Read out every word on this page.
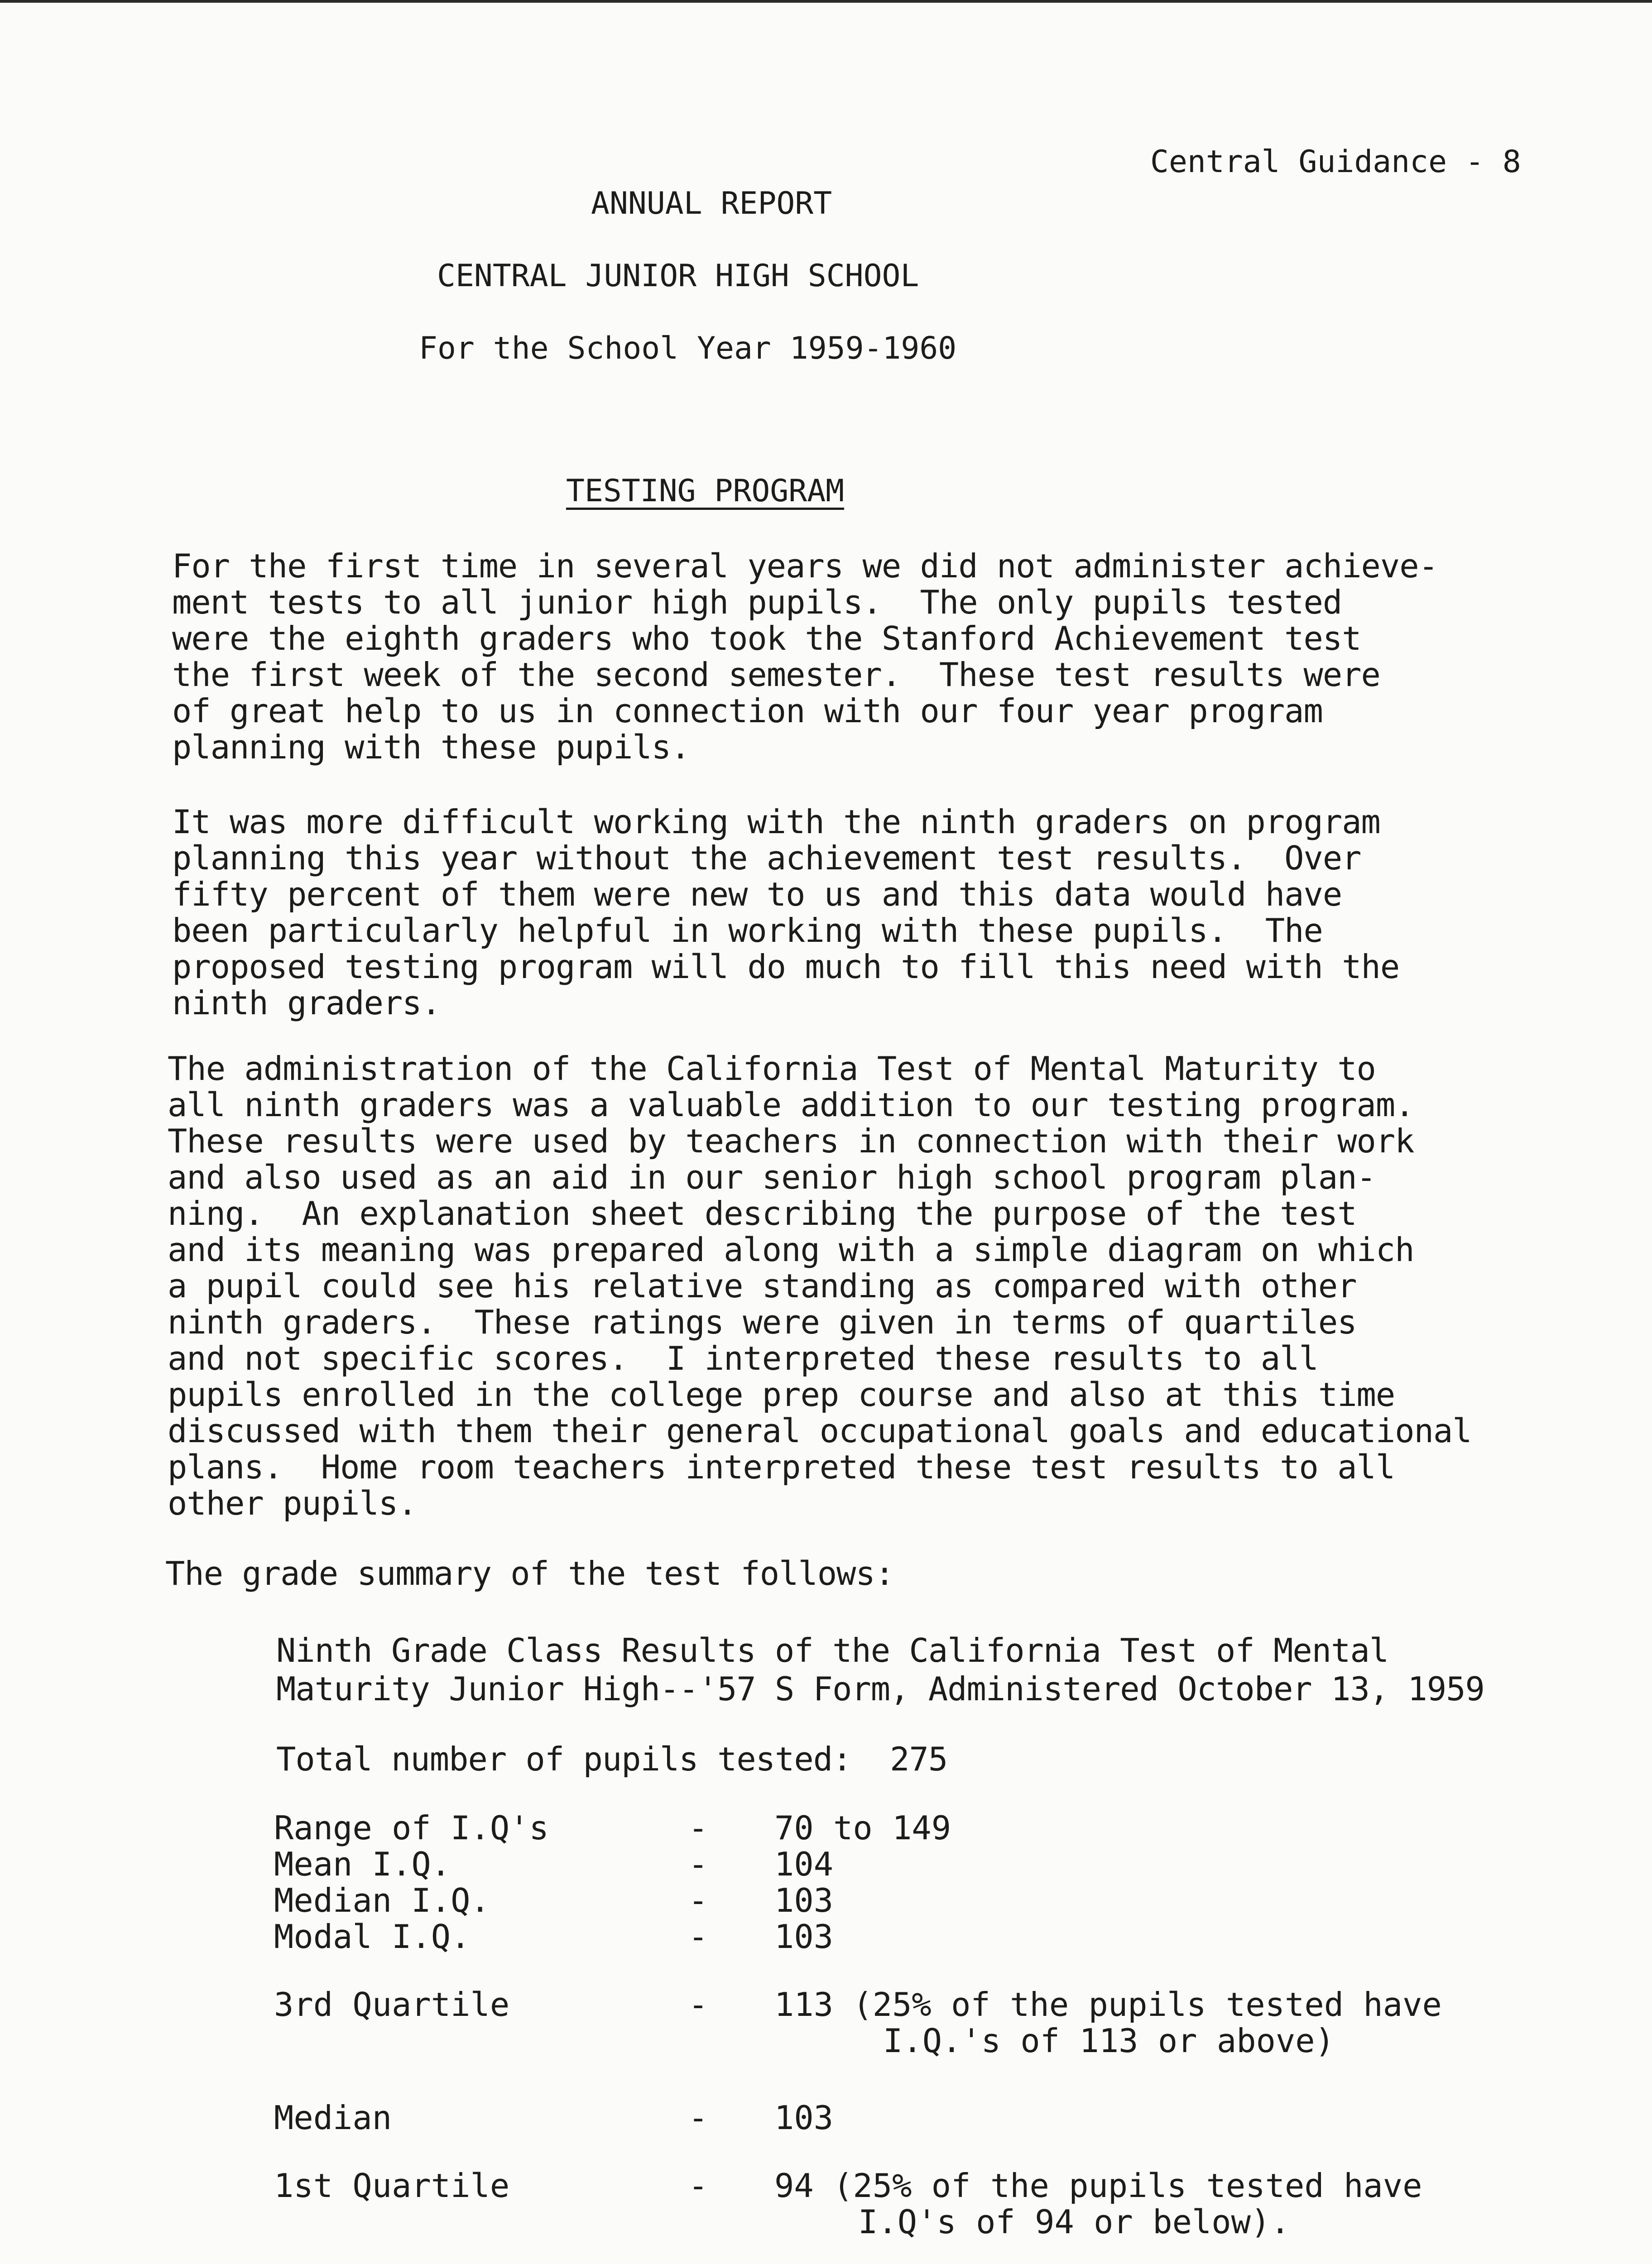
Central Guidance - 8
ANNUAL REPORT
CENTRAL JUNIOR HIGH SCHOOL
For the School Year 1959-1960
TESTING PROGRAM
For the first time in several years we did not administer achieve-
ment tests to all junior high pupils.  The only pupils tested
were the eighth graders who took the Stanford Achievement test
the first week of the second semester.  These test results were
of great help to us in connection with our four year program
planning with these pupils.
It was more difficult working with the ninth graders on program
planning this year without the achievement test results.  Over
fifty percent of them were new to us and this data would have
been particularly helpful in working with these pupils.  The
proposed testing program will do much to fill this need with the
ninth graders.
The administration of the California Test of Mental Maturity to
all ninth graders was a valuable addition to our testing program.
These results were used by teachers in connection with their work
and also used as an aid in our senior high school program plan-
ning.  An explanation sheet describing the purpose of the test
and its meaning was prepared along with a simple diagram on which
a pupil could see his relative standing as compared with other
ninth graders.  These ratings were given in terms of quartiles
and not specific scores.  I interpreted these results to all
pupils enrolled in the college prep course and also at this time
discussed with them their general occupational goals and educational
plans.  Home room teachers interpreted these test results to all
other pupils.
The grade summary of the test follows:
Ninth Grade Class Results of the California Test of Mental
Maturity Junior High--'57 S Form, Administered October 13, 1959
Total number of pupils tested:  275
Range of I.Q's	- 70 to 149
Mean I.Q.	- 104
Median I.Q.	- 103
Modal I.Q.	- 103
3rd Quartile	- 113 (25% of the pupils tested have
I.Q.'s of 113 or above)
Median	- 103
1st Quartile	- 94 (25% of the pupils tested have
I.Q's of 94 or below).
